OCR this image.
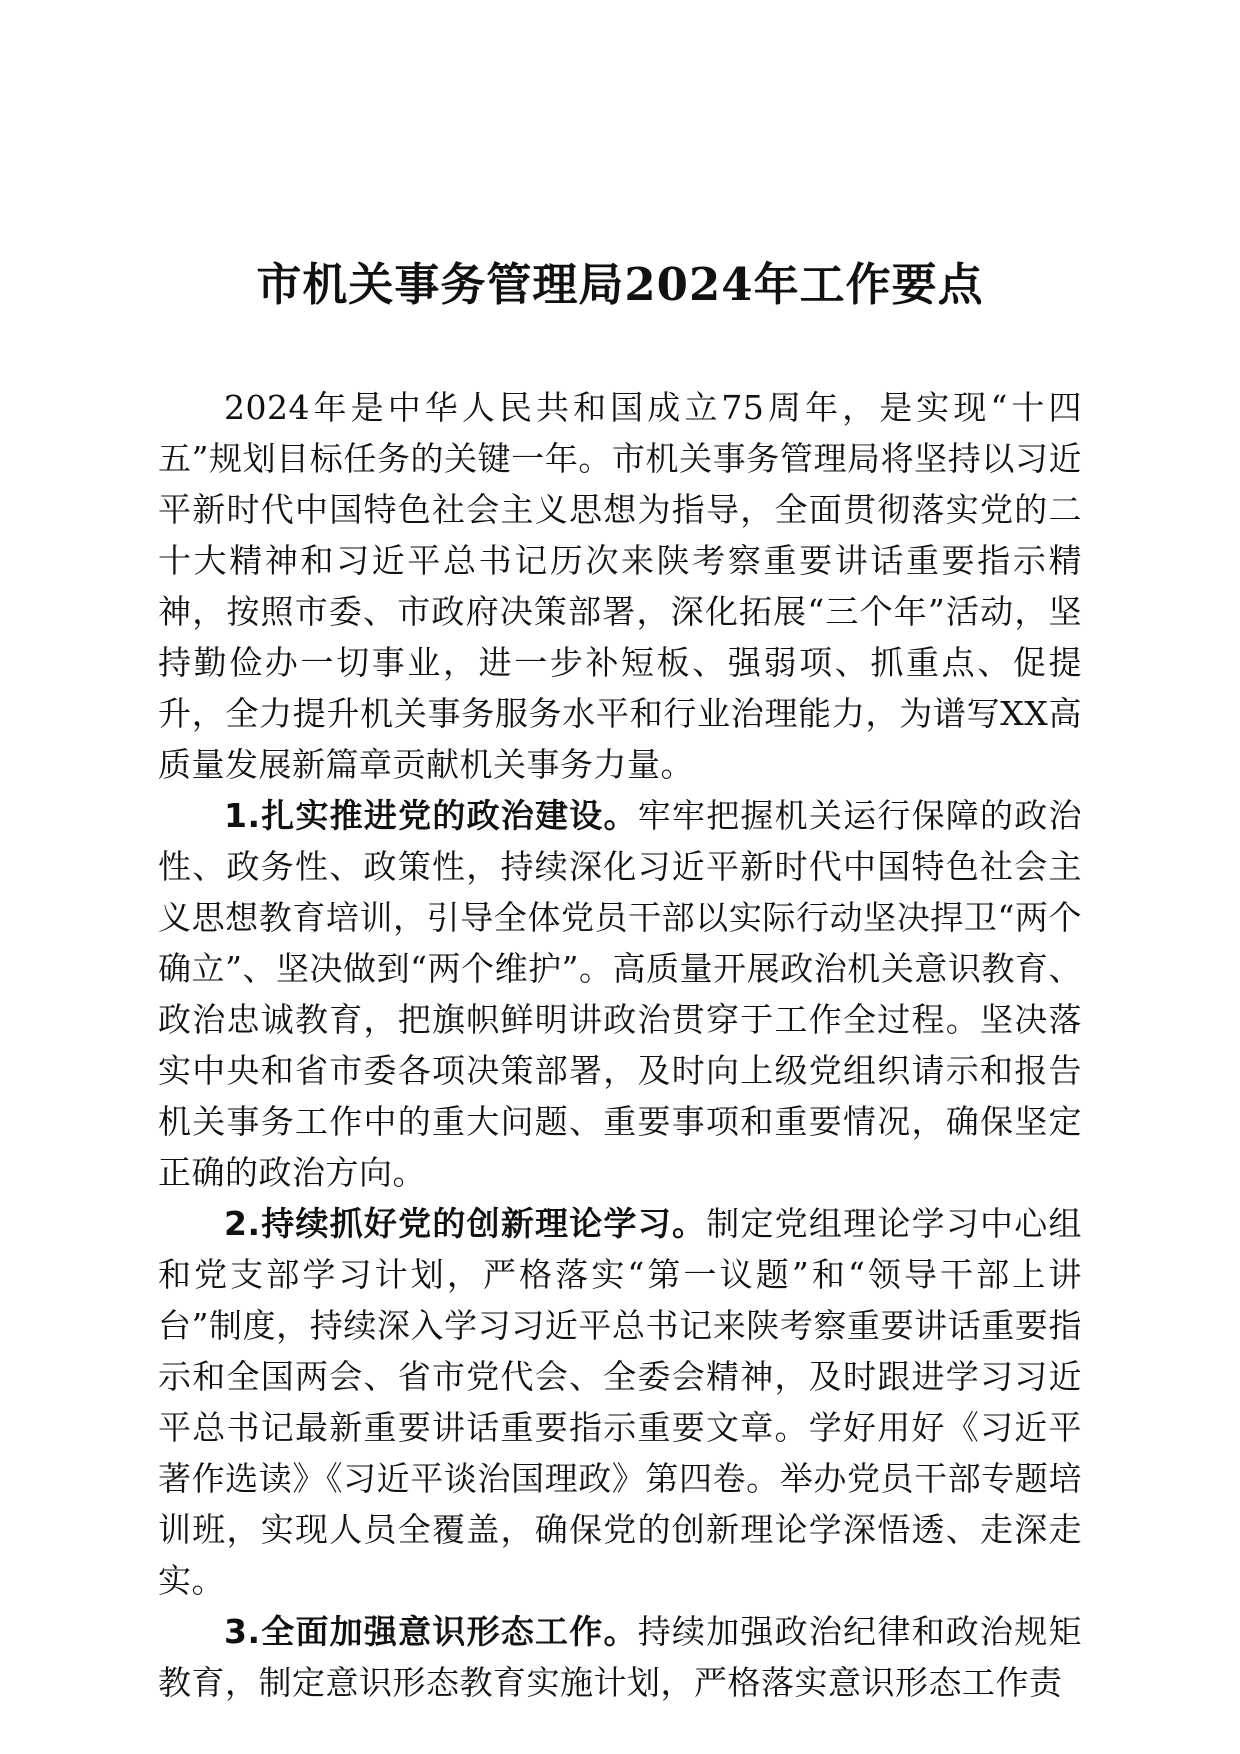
市机关事务管理局2024年工作要点

2024年是中华人民共和国成立75周年，是实现“十四五”规划目标任务的关键一年。市机关事务管理局将坚持以习近平新时代中国特色社会主义思想为指导，全面贯彻落实党的二十大精神和习近平总书记历次来陕考察重要讲话重要指示精神，按照市委、市政府决策部署，深化拓展“三个年”活动，坚持勤俭办一切事业，进一步补短板、强弱项、抓重点、促提升，全力提升机关事务服务水平和行业治理能力，为谱写XX高质量发展新篇章贡献机关事务力量。

1.扎实推进党的政治建设。牢牢把握机关运行保障的政治性、政务性、政策性，持续深化习近平新时代中国特色社会主义思想教育培训，引导全体党员干部以实际行动坚决捍卫“两个确立”、坚决做到“两个维护”。高质量开展政治机关意识教育、政治忠诚教育，把旗帜鲜明讲政治贯穿于工作全过程。坚决落实中央和省市委各项决策部署，及时向上级党组织请示和报告机关事务工作中的重大问题、重要事项和重要情况，确保坚定正确的政治方向。

2.持续抓好党的创新理论学习。制定党组理论学习中心组和党支部学习计划，严格落实“第一议题”和“领导干部上讲台”制度，持续深入学习习近平总书记来陕考察重要讲话重要指示和全国两会、省市党代会、全委会精神，及时跟进学习习近平总书记最新重要讲话重要指示重要文章。学好用好《习近平著作选读》《习近平谈治国理政》第四卷。举办党员干部专题培训班，实现人员全覆盖，确保党的创新理论学深悟透、走深走实。

3.全面加强意识形态工作。持续加强政治纪律和政治规矩教育，制定意识形态教育实施计划，严格落实意识形态工作责
